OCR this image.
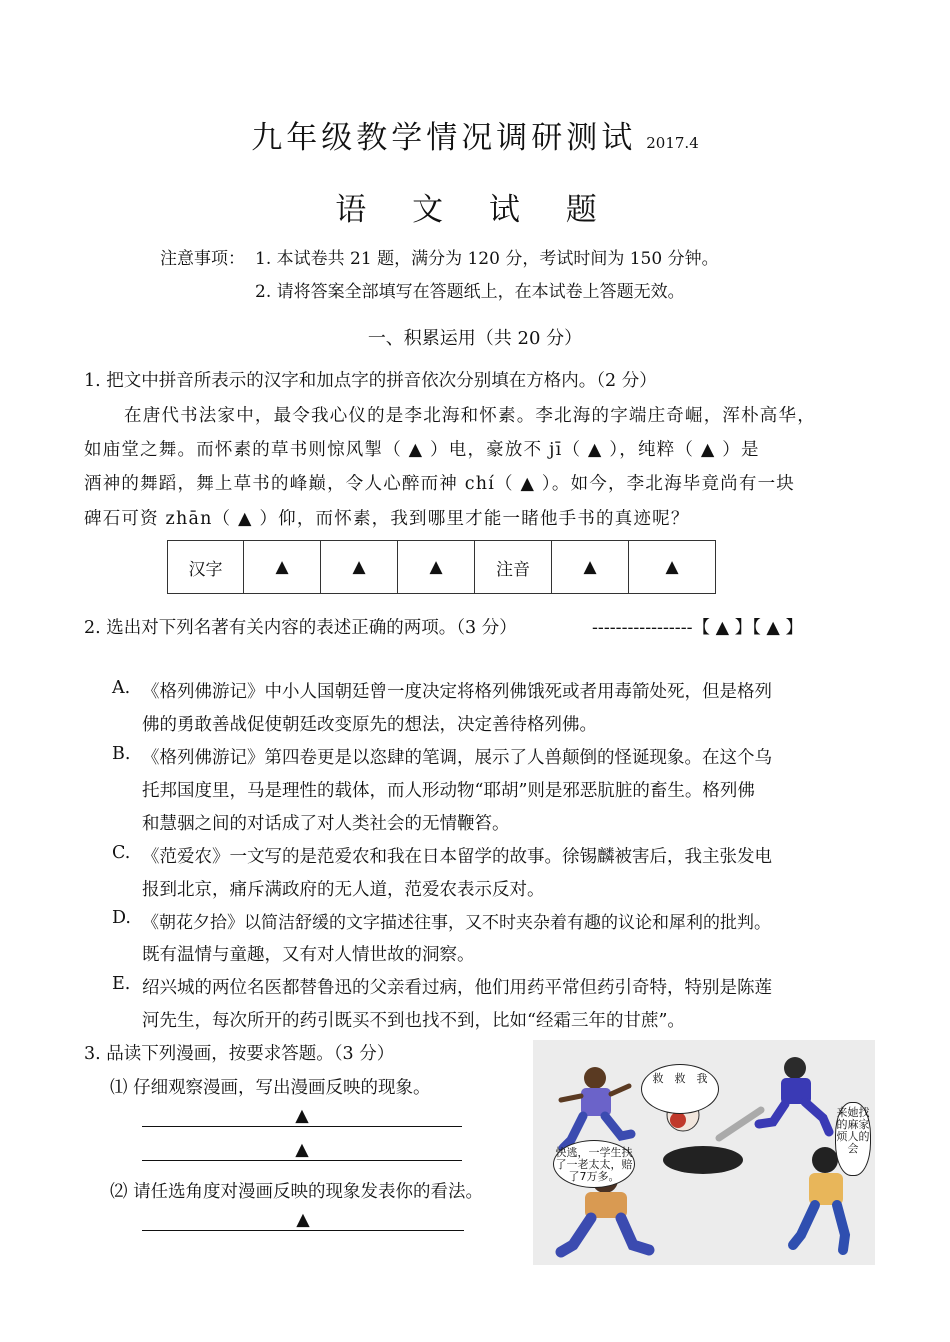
九年级教学情况调研测试 2017.4
语 文 试 题
注意事项： 1. 本试卷共 21 题，满分为 120 分，考试时间为 150 分钟。
2. 请将答案全部填写在答题纸上，在本试卷上答题无效。
一、积累运用（共 20 分）
1. 把文中拼音所表示的汉字和加点字的拼音依次分别填在方格内。（2 分）
在唐代书法家中，最令我心仪的是李北海和怀素。李北海的字端庄奇崛，浑朴高华，
如庙堂之舞。而怀素的草书则惊风掣（ ▲ ）电，豪放不 jī（ ▲ ），纯粹（ ▲ ）是
酒神的舞蹈，舞上草书的峰巅，令人心醉而神 chí（ ▲ ）。如今，李北海毕竟尚有一块
碑石可资 zhān（ ▲ ）仰，而怀素，我到哪里才能一睹他手书的真迹呢？
汉字	▲	▲	▲	注音	▲	▲
2. 选出对下列名著有关内容的表述正确的两项。（3 分）	-----------------【 ▲ 】【 ▲ 】
A. 《格列佛游记》中小人国朝廷曾一度决定将格列佛饿死或者用毒箭处死，但是格列
佛的勇敢善战促使朝廷改变原先的想法，决定善待格列佛。
B. 《格列佛游记》第四卷更是以恣肆的笔调，展示了人兽颠倒的怪诞现象。在这个乌
托邦国度里，马是理性的载体，而人形动物“耶胡”则是邪恶肮脏的畜生。格列佛
和慧骃之间的对话成了对人类社会的无情鞭笞。
C. 《范爱农》一文写的是范爱农和我在日本留学的故事。徐锡麟被害后，我主张发电
报到北京，痛斥满政府的无人道，范爱农表示反对。
D. 《朝花夕拾》以简洁舒缓的文字描述往事，又不时夹杂着有趣的议论和犀利的批判。
既有温情与童趣，又有对人情世故的洞察。
E. 绍兴城的两位名医都替鲁迅的父亲看过病，他们用药平常但药引奇特，特别是陈莲
河先生，每次所开的药引既买不到也找不到，比如“经霜三年的甘蔗”。
3. 品读下列漫画，按要求答题。（3 分）
⑴ 仔细观察漫画，写出漫画反映的现象。
▲
▲
⑵ 请任选角度对漫画反映的现象发表你的看法。
▲
救　救　我
快逃，一学生扶了一老太太，赔了7万多。
来她找的麻家烦人的会
